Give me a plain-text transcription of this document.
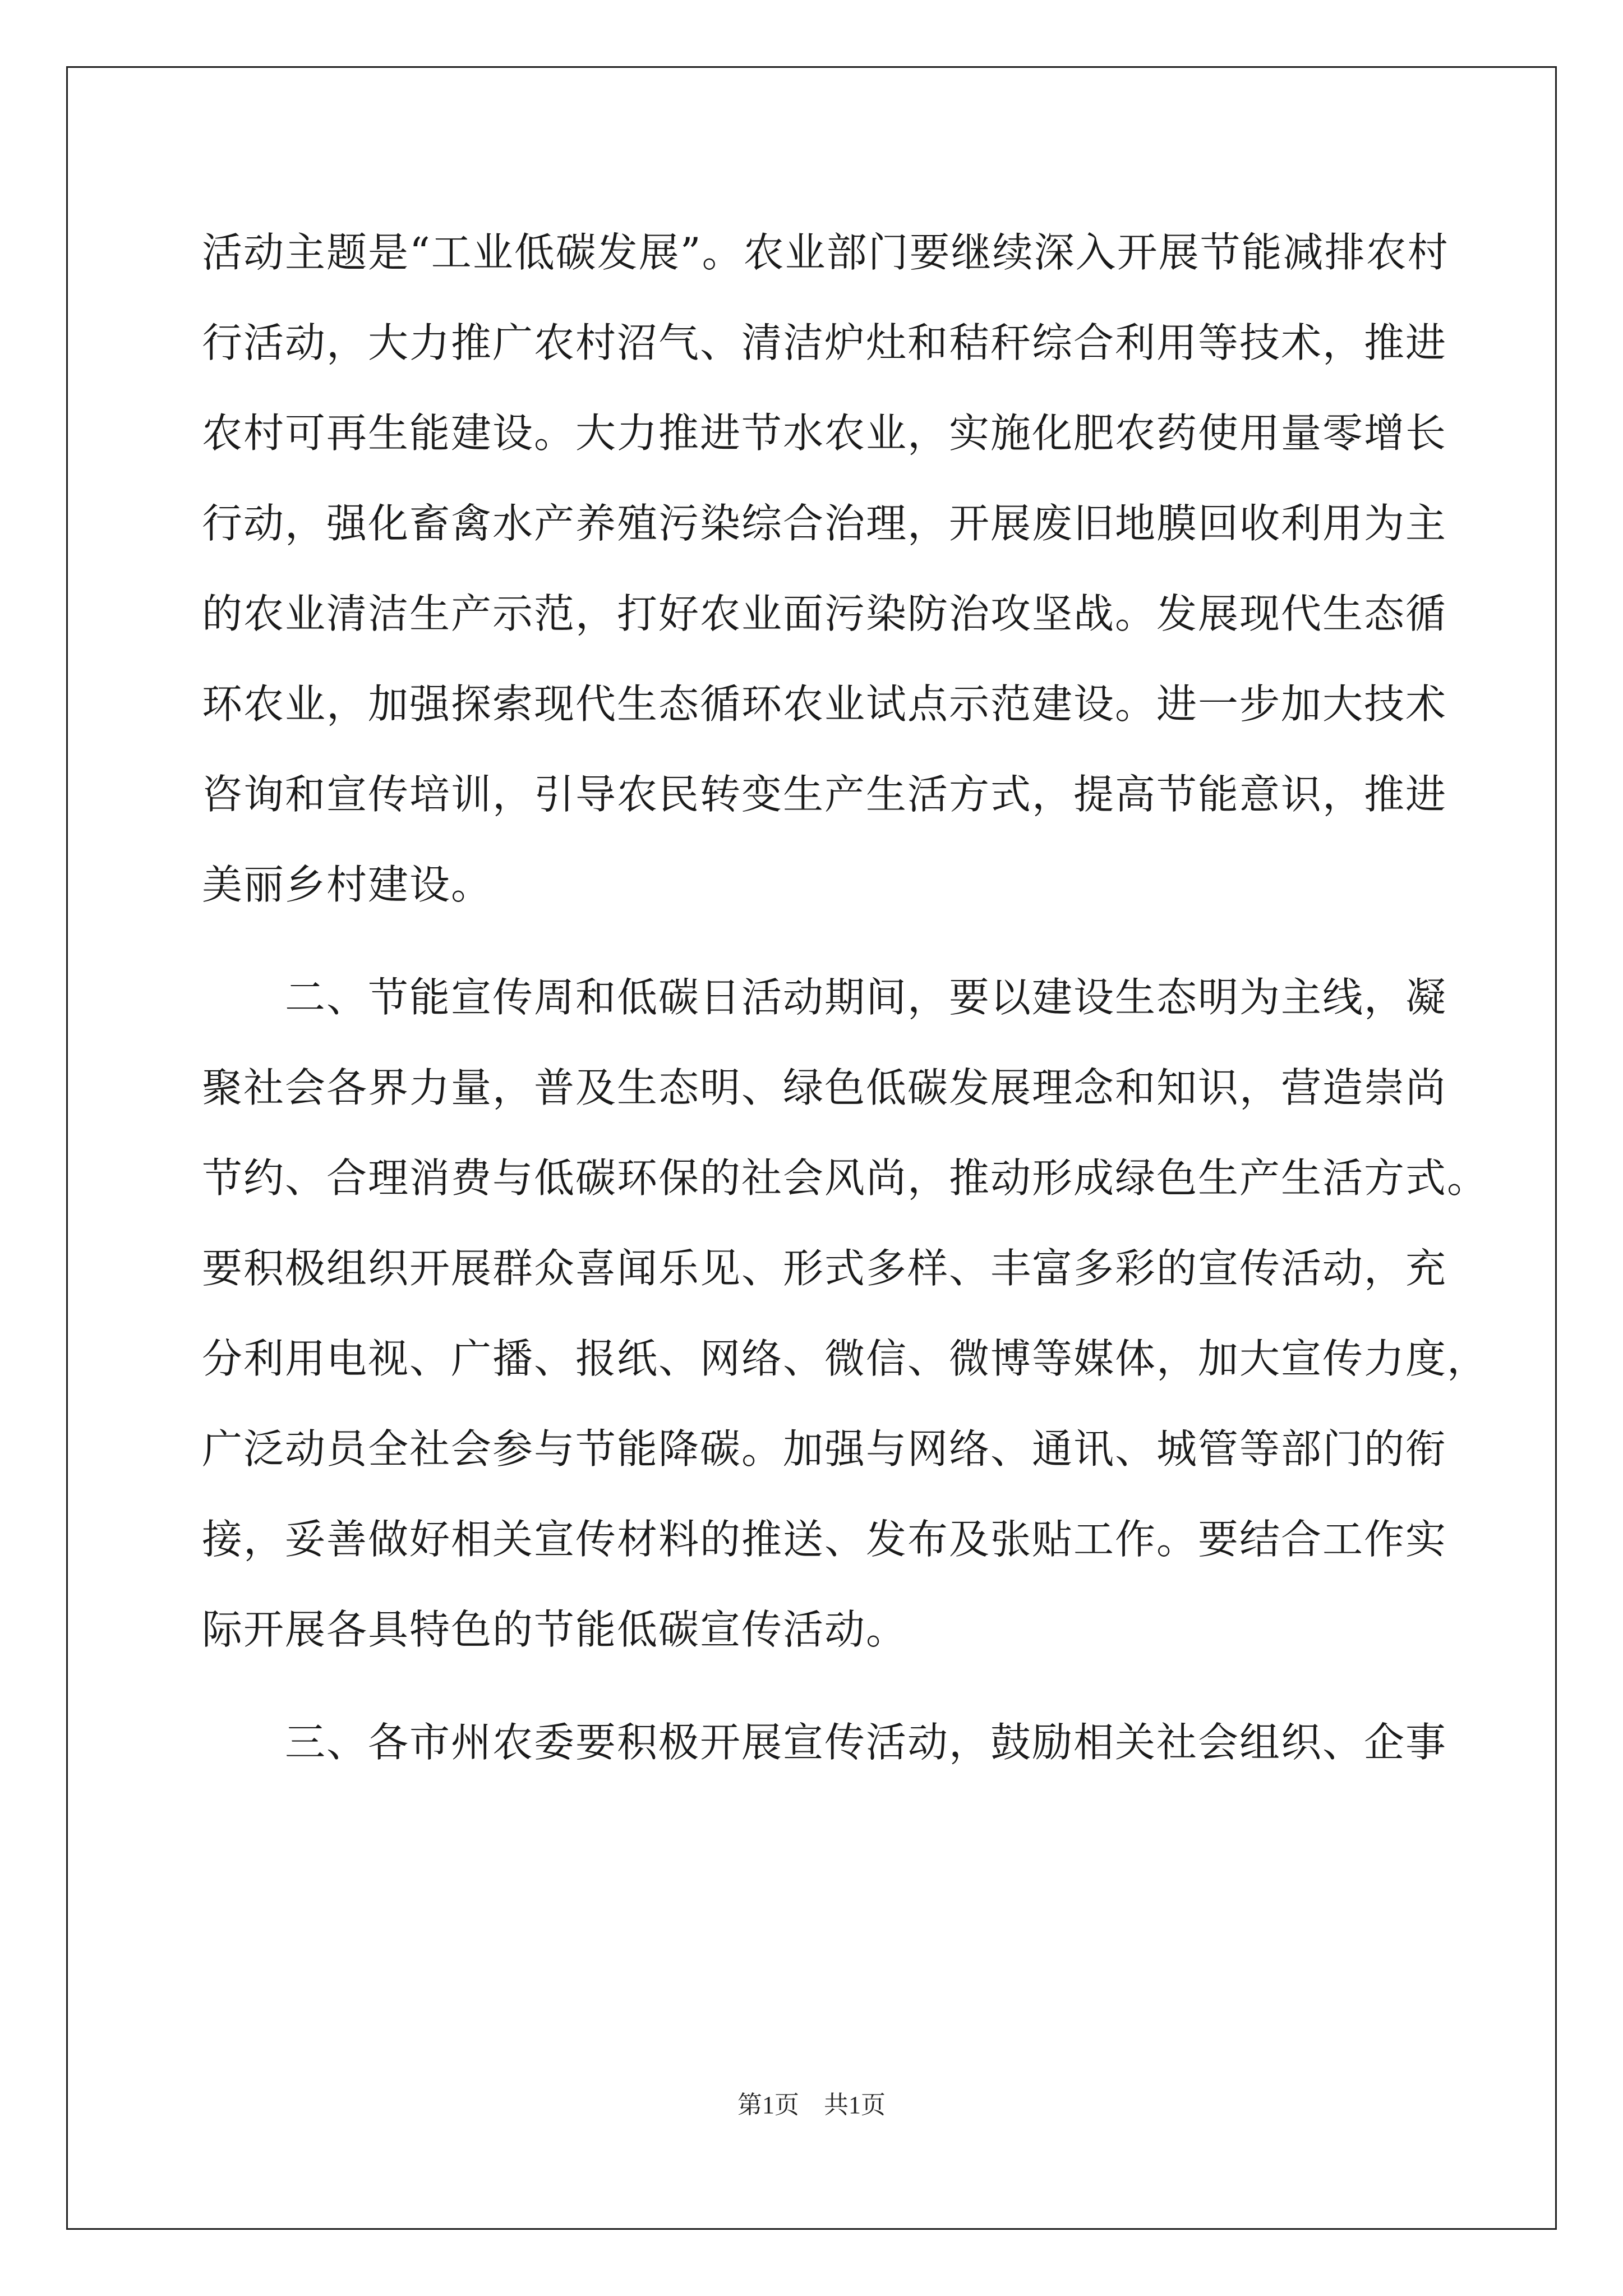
活动主题是“工业低碳发展”。农业部门要继续深入开展节能减排农村
行活动，大力推广农村沼气、清洁炉灶和秸秆综合利用等技术，推进
农村可再生能建设。大力推进节水农业，实施化肥农药使用量零增长
行动，强化畜禽水产养殖污染综合治理，开展废旧地膜回收利用为主
的农业清洁生产示范，打好农业面污染防治攻坚战。发展现代生态循
环农业，加强探索现代生态循环农业试点示范建设。进一步加大技术
咨询和宣传培训，引导农民转变生产生活方式，提高节能意识，推进
美丽乡村建设。
二、节能宣传周和低碳日活动期间，要以建设生态明为主线，凝
聚社会各界力量，普及生态明、绿色低碳发展理念和知识，营造崇尚
节约、合理消费与低碳环保的社会风尚，推动形成绿色生产生活方式。
要积极组织开展群众喜闻乐见、形式多样、丰富多彩的宣传活动，充
分利用电视、广播、报纸、网络、微信、微博等媒体，加大宣传力度，
广泛动员全社会参与节能降碳。加强与网络、通讯、城管等部门的衔
接，妥善做好相关宣传材料的推送、发布及张贴工作。要结合工作实
际开展各具特色的节能低碳宣传活动。
三、各市州农委要积极开展宣传活动，鼓励相关社会组织、企事
第1页    共1页
